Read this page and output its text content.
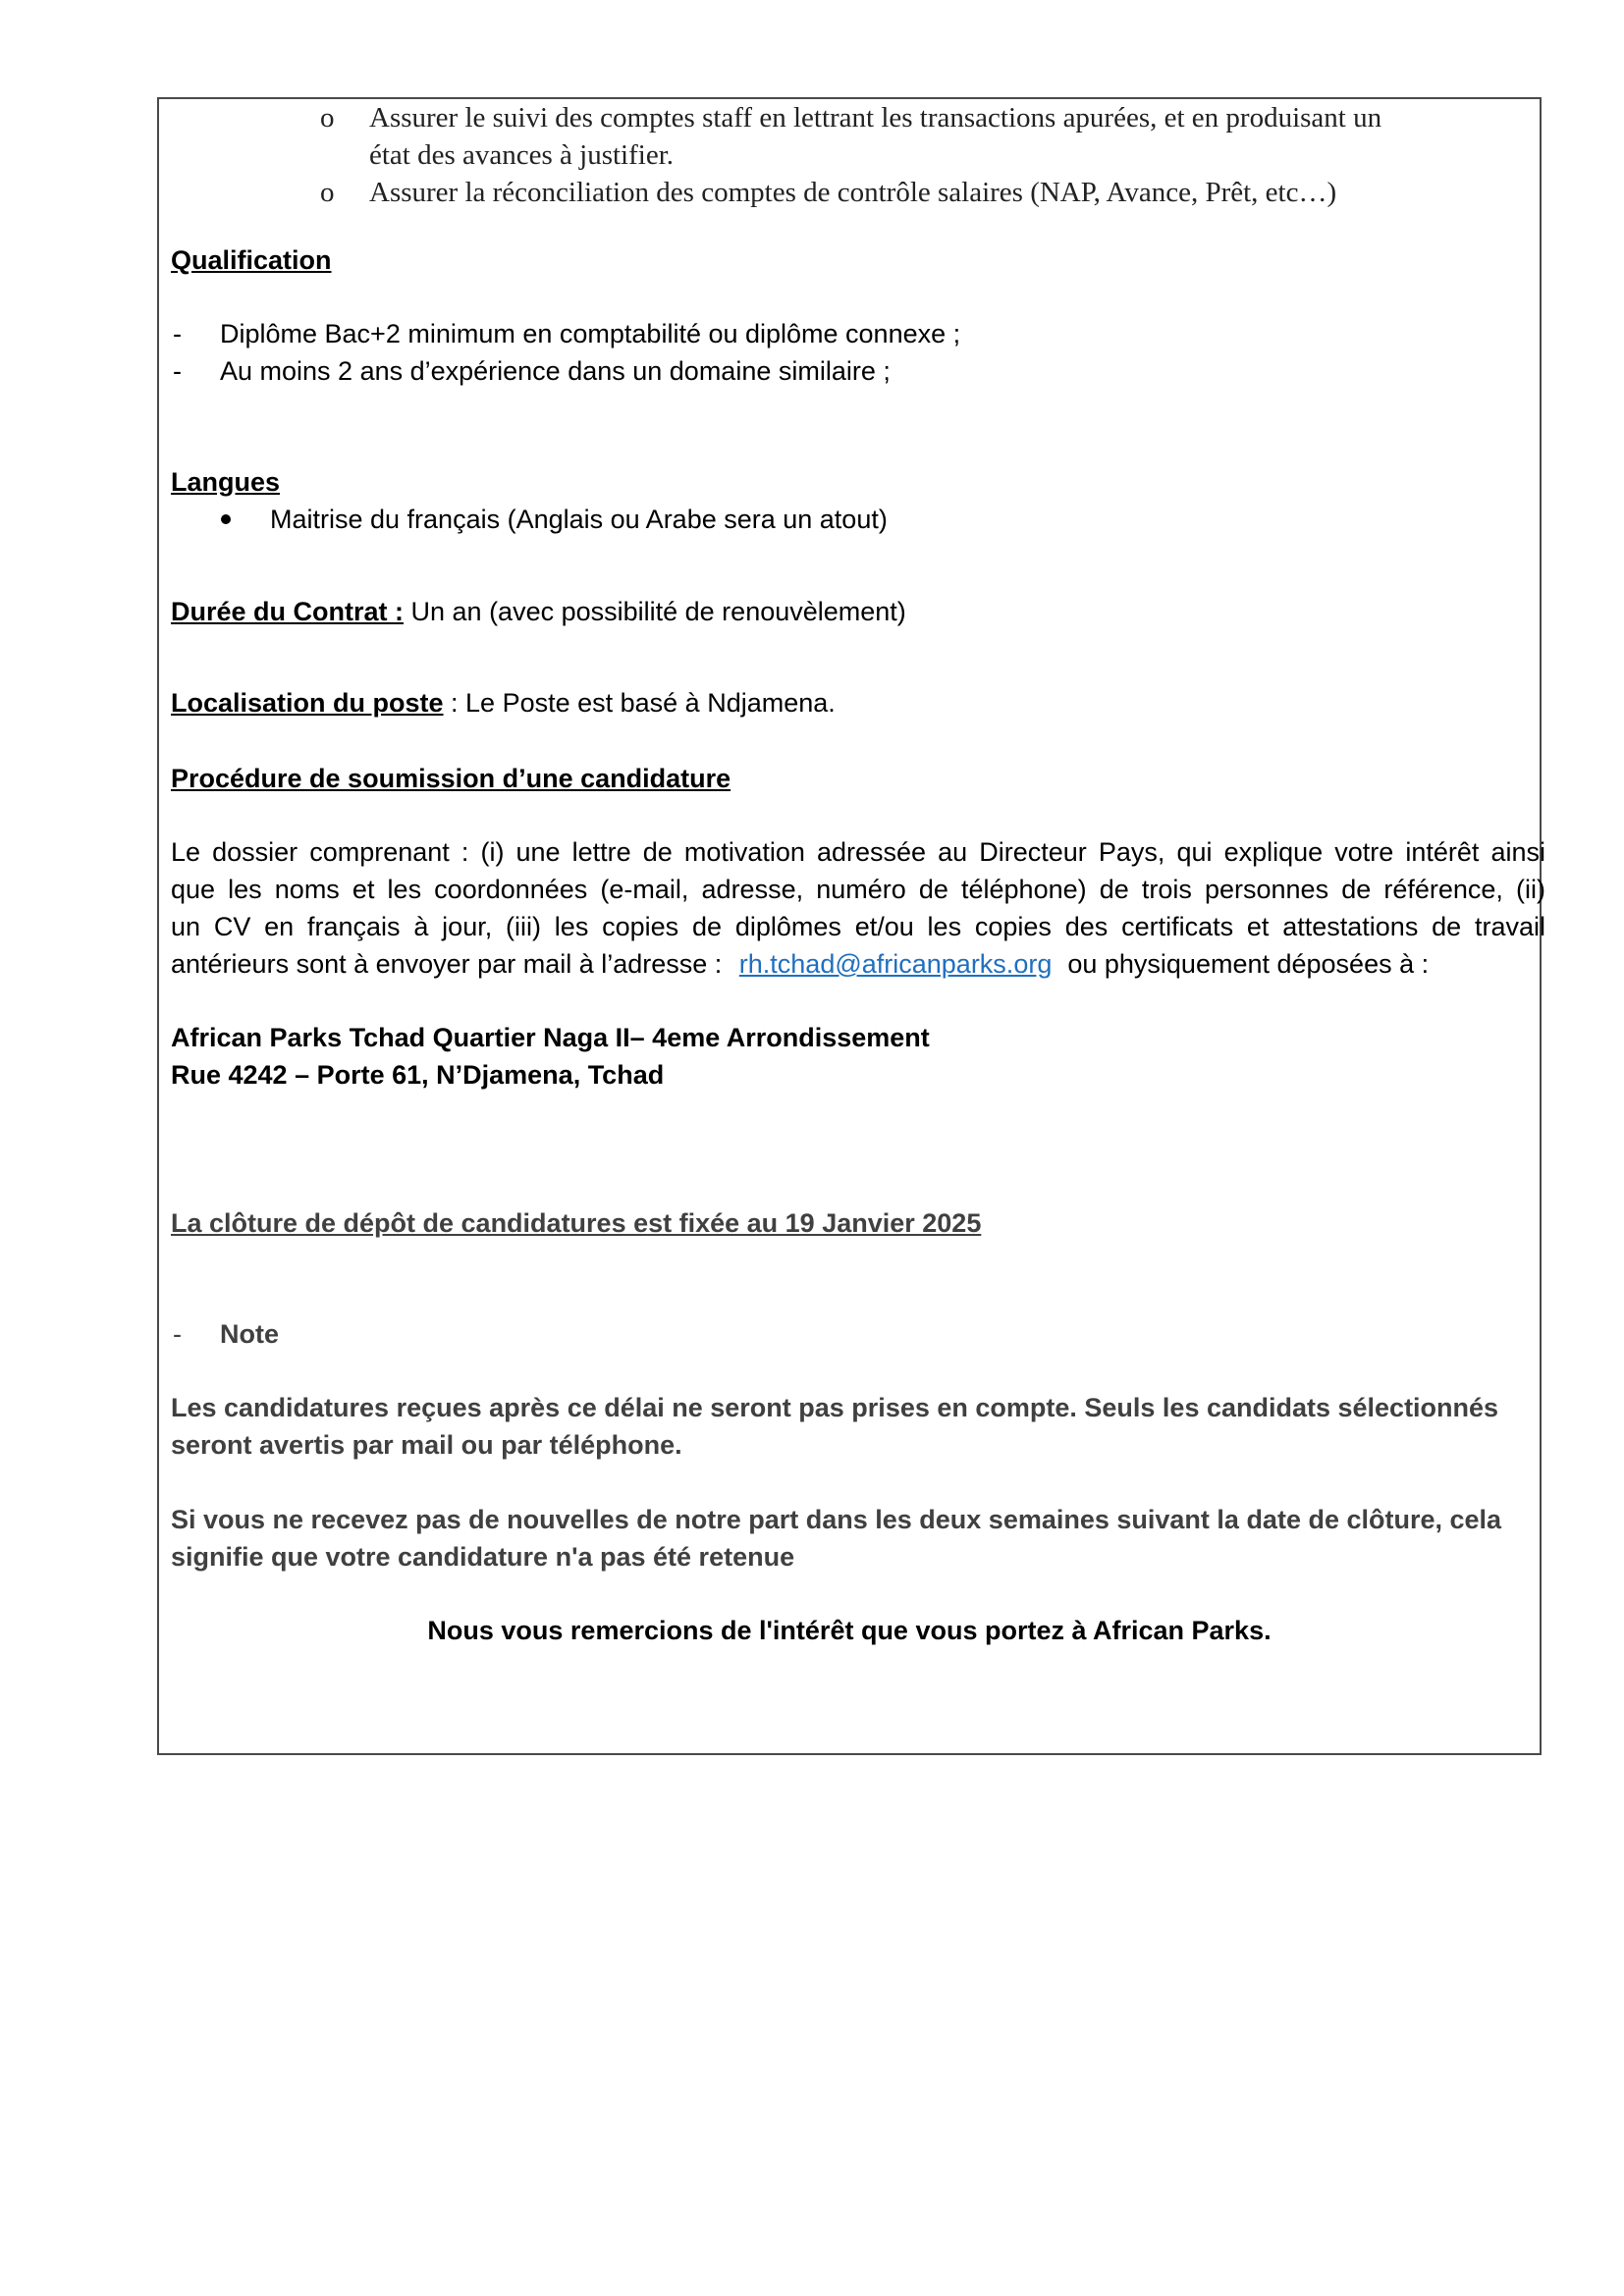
o Assurer le suivi des comptes staff en lettrant les transactions apurées, et en produisant un

état des avances à justifier.

o Assurer la réconciliation des comptes de contrôle salaires (NAP, Avance, Prêt, etc…)

Qualification

- Diplôme Bac+2 minimum en comptabilité ou diplôme connexe ;

- Au moins 2 ans d’expérience dans un domaine similaire ;

Langues

Maitrise du français (Anglais ou Arabe sera un atout)

Durée du Contrat : Un an (avec possibilité de renouvèlement)

Localisation du poste : Le Poste est basé à Ndjamena.

Procédure de soumission d’une candidature

Le dossier comprenant : (i) une lettre de motivation adressée au Directeur Pays, qui explique votre intérêt ainsi

que les noms et les coordonnées (e-mail, adresse, numéro de téléphone) de trois personnes de référence, (ii)

un CV en français à jour, (iii) les copies de diplômes et/ou les copies des certificats et attestations de travail

antérieurs sont à envoyer par mail à l’adresse : rh.tchad@africanparks.org ou physiquement déposées à :

African Parks Tchad Quartier Naga II– 4eme Arrondissement

Rue 4242 – Porte 61, N’Djamena, Tchad

La clôture de dépôt de candidatures est fixée au 19 Janvier 2025

- Note

Les candidatures reçues après ce délai ne seront pas prises en compte. Seuls les candidats sélectionnés

seront avertis par mail ou par téléphone.

Si vous ne recevez pas de nouvelles de notre part dans les deux semaines suivant la date de clôture, cela

signifie que votre candidature n'a pas été retenue

Nous vous remercions de l'intérêt que vous portez à African Parks.
